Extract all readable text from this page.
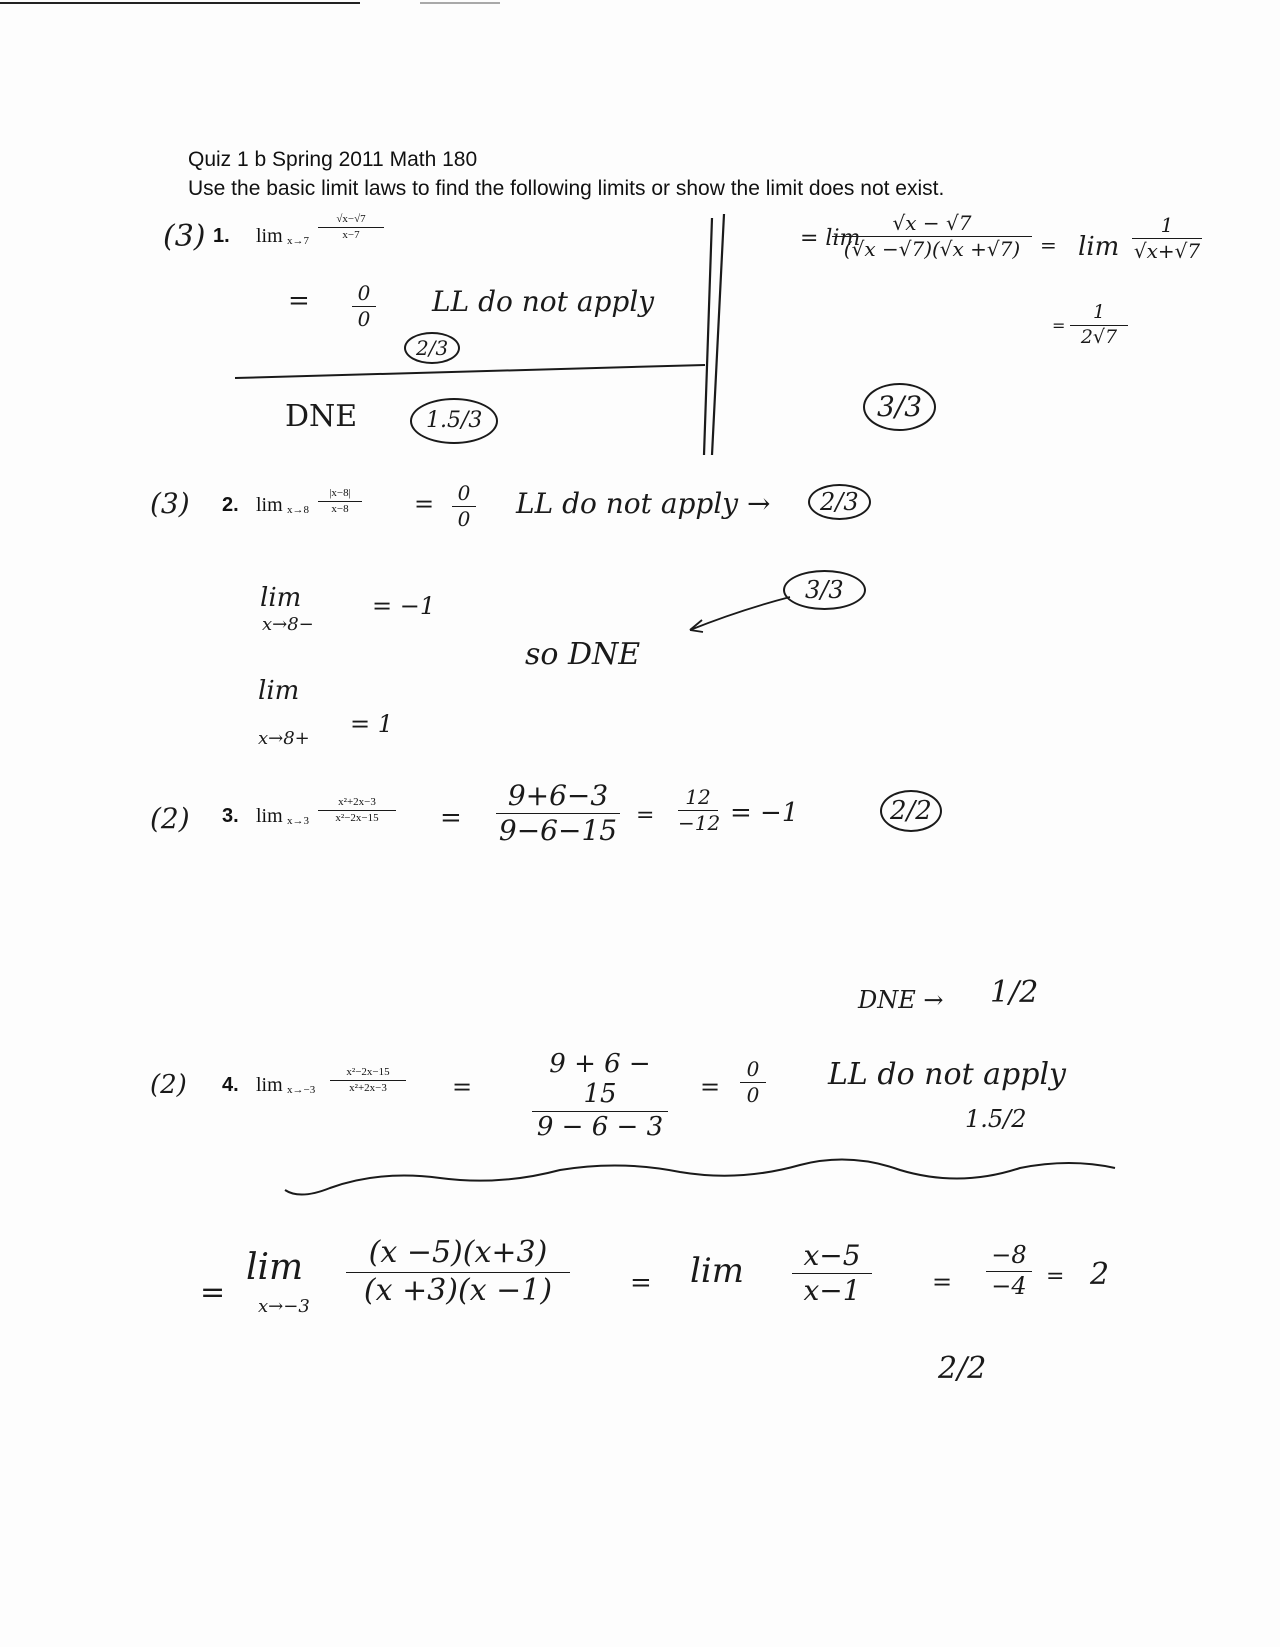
Quiz 1 b Spring 2011 Math 180
Use the basic limit laws to find the following limits or show the limit does not exist.
(3) 1. lim x→7
√x−√7
x−7
= 0
0
LL do not apply
2/3
DNE	1.5/3
= lim
√x − √7
(√x −√7)(√x +√7) = lim
1
√x+√7
=
1
2√7
3/3
(3) 2. lim x→8
|x−8|
x−8	= 0
0 LL do not apply →	2/3
lim
x→8−
= −1
lim
x→8+
= 1
so DNE
3/3
(2) 3. lim x→3
x²+2x−3
x²−2x−15	=
9+6−3
9−6−15 =
12
−12 = −1	2/2
DNE → 1/2
(2) 4. lim x→−3
x²−2x−15
x²+2x−3	=
9 + 6 − 15
9 − 6 − 3
=
0
0
LL do not apply
1.5/2
=
lim
x→−3
(x −5)(x+3)
(x +3)(x −1)	= lim	x−5
x−1	=
−8
−4 = 2
2/2
